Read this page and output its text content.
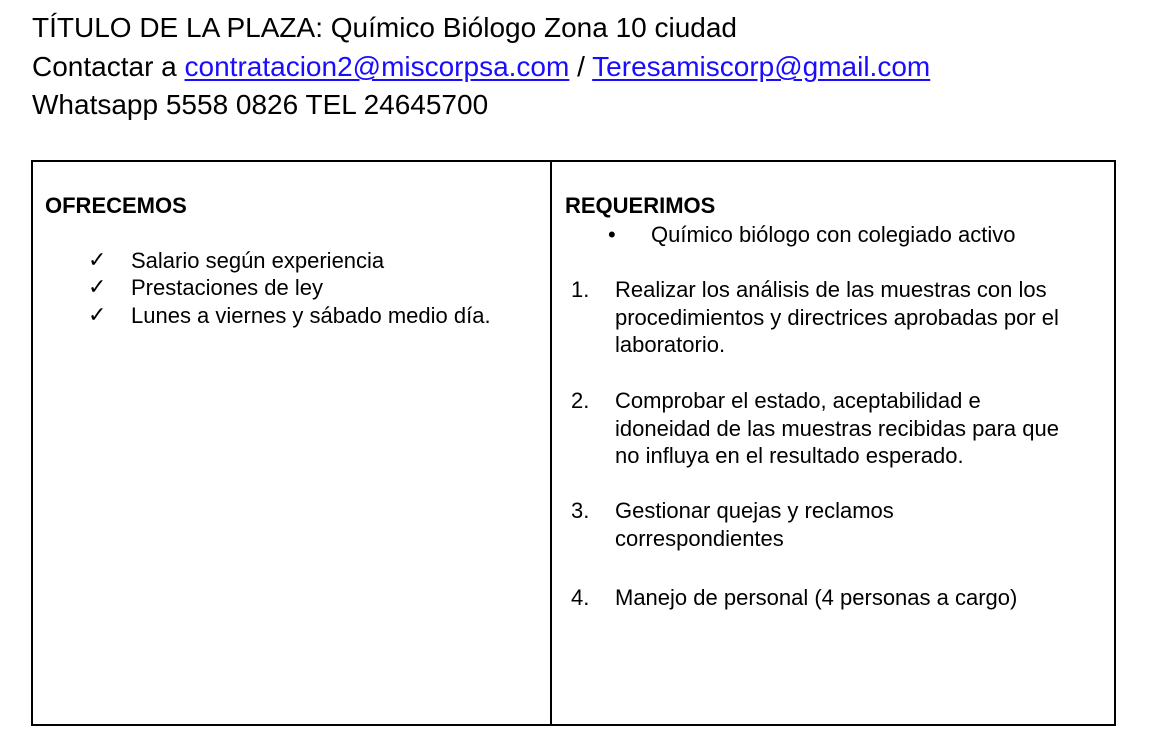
TÍTULO DE LA PLAZA: Químico Biólogo Zona 10 ciudad
Contactar a contratacion2@miscorpsa.com / Teresamiscorp@gmail.com
Whatsapp 5558 0826 TEL 24645700
OFRECEMOS
✓ Salario según experiencia
✓ Prestaciones de ley
✓ Lunes a viernes y sábado medio día.
REQUERIMOS
• Químico biólogo con colegiado activo
1. Realizar los análisis de las muestras con los
procedimientos y directrices aprobadas por el
laboratorio.
2. Comprobar el estado, aceptabilidad e
idoneidad de las muestras recibidas para que
no influya en el resultado esperado.
3. Gestionar quejas y reclamos
correspondientes
4. Manejo de personal (4 personas a cargo)
